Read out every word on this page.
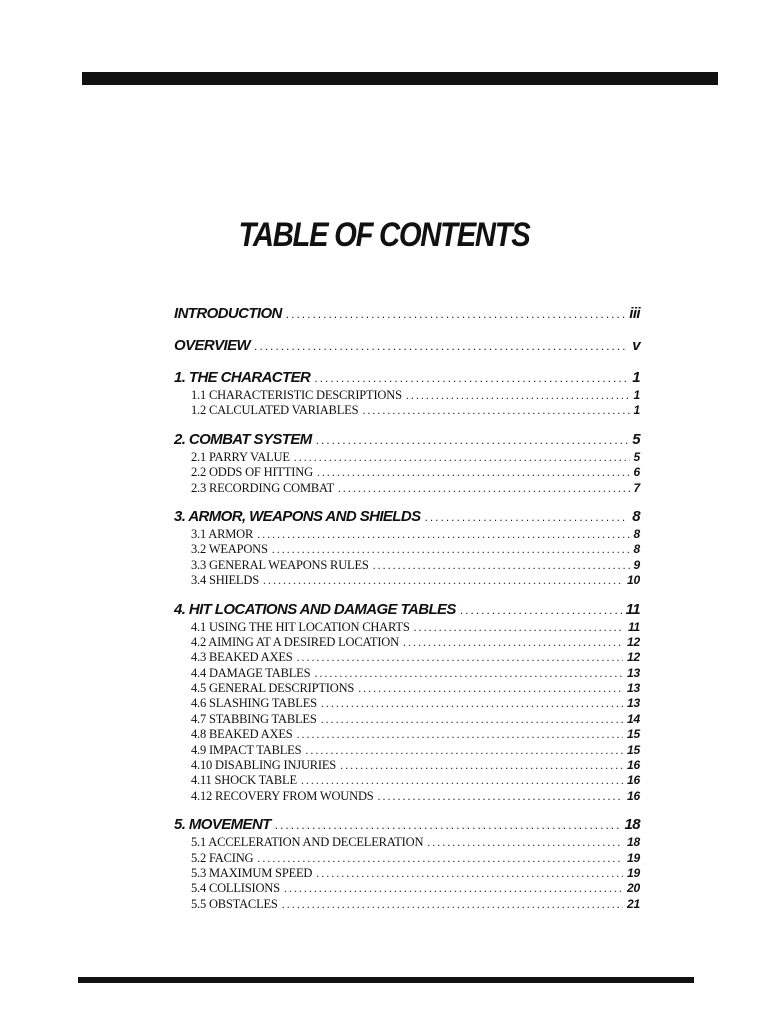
TABLE OF CONTENTS
INTRODUCTION .....	iii
OVERVIEW .....	v
1. THE CHARACTER .....	1
1.1 CHARACTERISTIC DESCRIPTIONS .....	1
1.2 CALCULATED VARIABLES .....	1
2. COMBAT SYSTEM .....	5
2.1 PARRY VALUE .....	5
2.2 ODDS OF HITTING .....	6
2.3 RECORDING COMBAT .....	7
3. ARMOR, WEAPONS AND SHIELDS .....	8
3.1 ARMOR .....	8
3.2 WEAPONS .....	8
3.3 GENERAL WEAPONS RULES .....	9
3.4 SHIELDS .....	10
4. HIT LOCATIONS AND DAMAGE TABLES .....	11
4.1 USING THE HIT LOCATION CHARTS .....	11
4.2 AIMING AT A DESIRED LOCATION .....	12
4.3 BEAKED AXES .....	12
4.4 DAMAGE TABLES .....	13
4.5 GENERAL DESCRIPTIONS .....	13
4.6 SLASHING TABLES .....	13
4.7 STABBING TABLES .....	14
4.8 BEAKED AXES .....	15
4.9 IMPACT TABLES .....	15
4.10 DISABLING INJURIES .....	16
4.11 SHOCK TABLE .....	16
4.12 RECOVERY FROM WOUNDS .....	16
5. MOVEMENT .....	18
5.1 ACCELERATION AND DECELERATION .....	18
5.2 FACING .....	19
5.3 MAXIMUM SPEED .....	19
5.4 COLLISIONS .....	20
5.5 OBSTACLES .....	21
